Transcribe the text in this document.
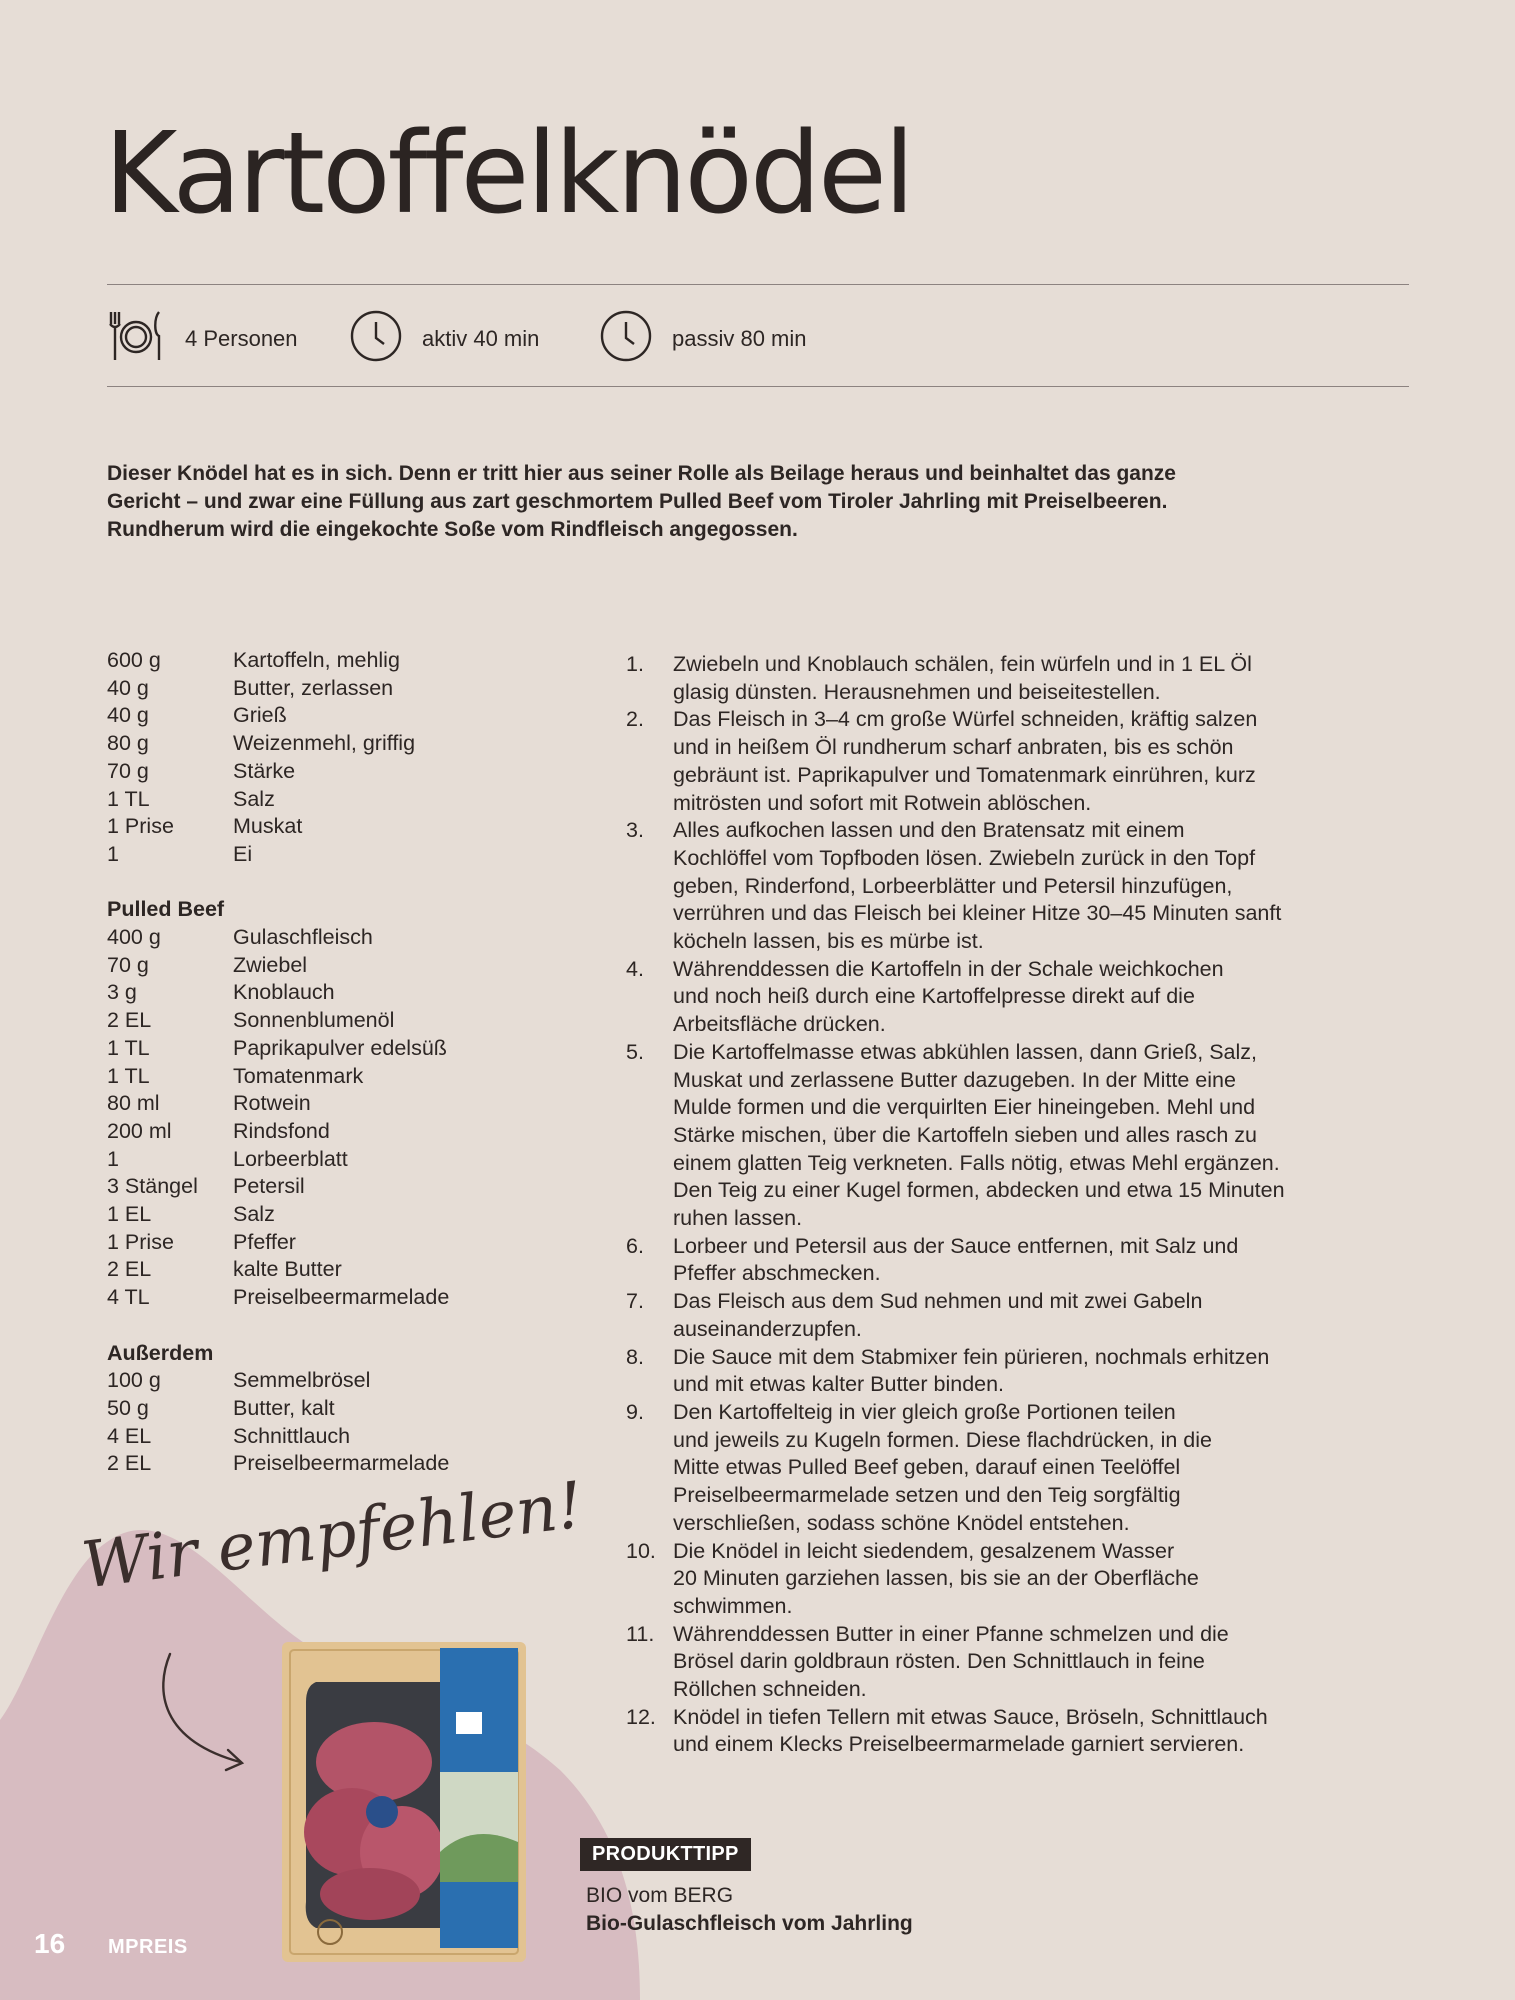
Kartoffelknödel
4 Personen	aktiv 40 min	passiv 80 min

Dieser Knödel hat es in sich. Denn er tritt hier aus seiner Rolle als Beilage heraus und beinhaltet das ganze Gericht – und zwar eine Füllung aus zart geschmortem Pulled Beef vom Tiroler Jahrling mit Preiselbeeren. Rundherum wird die eingekochte Soße vom Rindfleisch angegossen.

600 g	Kartoffeln, mehlig
40 g	Butter, zerlassen
40 g	Grieß
80 g	Weizenmehl, griffig
70 g	Stärke
1 TL	Salz
1 Prise	Muskat
1	Ei
Pulled Beef
400 g	Gulaschfleisch
70 g	Zwiebel
3 g	Knoblauch
2 EL	Sonnenblumenöl
1 TL	Paprikapulver edelsüß
1 TL	Tomatenmark
80 ml	Rotwein
200 ml	Rindsfond
1	Lorbeerblatt
3 Stängel	Petersil
1 EL	Salz
1 Prise	Pfeffer
2 EL	kalte Butter
4 TL	Preiselbeermarmelade
Außerdem
100 g	Semmelbrösel
50 g	Butter, kalt
4 EL	Schnittlauch
2 EL	Preiselbeermarmelade
1.	Zwiebeln und Knoblauch schälen, fein würfeln und in 1 EL Öl
glasig dünsten. Herausnehmen und beiseitestellen.
2.	Das Fleisch in 3–4 cm große Würfel schneiden, kräftig salzen
und in heißem Öl rundherum scharf anbraten, bis es schön
gebräunt ist. Paprikapulver und Tomatenmark einrühren, kurz
mitrösten und sofort mit Rotwein ablöschen.
3.	Alles aufkochen lassen und den Bratensatz mit einem
Kochlöffel vom Topfboden lösen. Zwiebeln zurück in den Topf
geben, Rinderfond, Lorbeerblätter und Petersil hinzufügen,
verrühren und das Fleisch bei kleiner Hitze 30–45 Minuten sanft
köcheln lassen, bis es mürbe ist.
4.	Währenddessen die Kartoffeln in der Schale weichkochen
und noch heiß durch eine Kartoffelpresse direkt auf die
Arbeitsfläche drücken.
5.	Die Kartoffelmasse etwas abkühlen lassen, dann Grieß, Salz,
Muskat und zerlassene Butter dazugeben. In der Mitte eine
Mulde formen und die verquirlten Eier hineingeben. Mehl und
Stärke mischen, über die Kartoffeln sieben und alles rasch zu
einem glatten Teig verkneten. Falls nötig, etwas Mehl ergänzen.
Den Teig zu einer Kugel formen, abdecken und etwa 15 Minuten
ruhen lassen.
6.	Lorbeer und Petersil aus der Sauce entfernen, mit Salz und
Pfeffer abschmecken.
7.	Das Fleisch aus dem Sud nehmen und mit zwei Gabeln
auseinanderzupfen.
8.	Die Sauce mit dem Stabmixer fein pürieren, nochmals erhitzen
und mit etwas kalter Butter binden.
9.	Den Kartoffelteig in vier gleich große Portionen teilen
und jeweils zu Kugeln formen. Diese flachdrücken, in die
Mitte etwas Pulled Beef geben, darauf einen Teelöffel
Preiselbeermarmelade setzen und den Teig sorgfältig
verschließen, sodass schöne Knödel entstehen.
10. Die Knödel in leicht siedendem, gesalzenem Wasser
20 Minuten garziehen lassen, bis sie an der Oberfläche
schwimmen.
11. Währenddessen Butter in einer Pfanne schmelzen und die
Brösel darin goldbraun rösten. Den Schnittlauch in feine
Röllchen schneiden.
12. Knödel in tiefen Tellern mit etwas Sauce, Bröseln, Schnittlauch
und einem Klecks Preiselbeermarmelade garniert servieren.
Wir empfehlen!
PRODUKTTIPP
BIO vom BERG
Bio-Gulaschfleisch vom Jahrling
16 MPREIS
